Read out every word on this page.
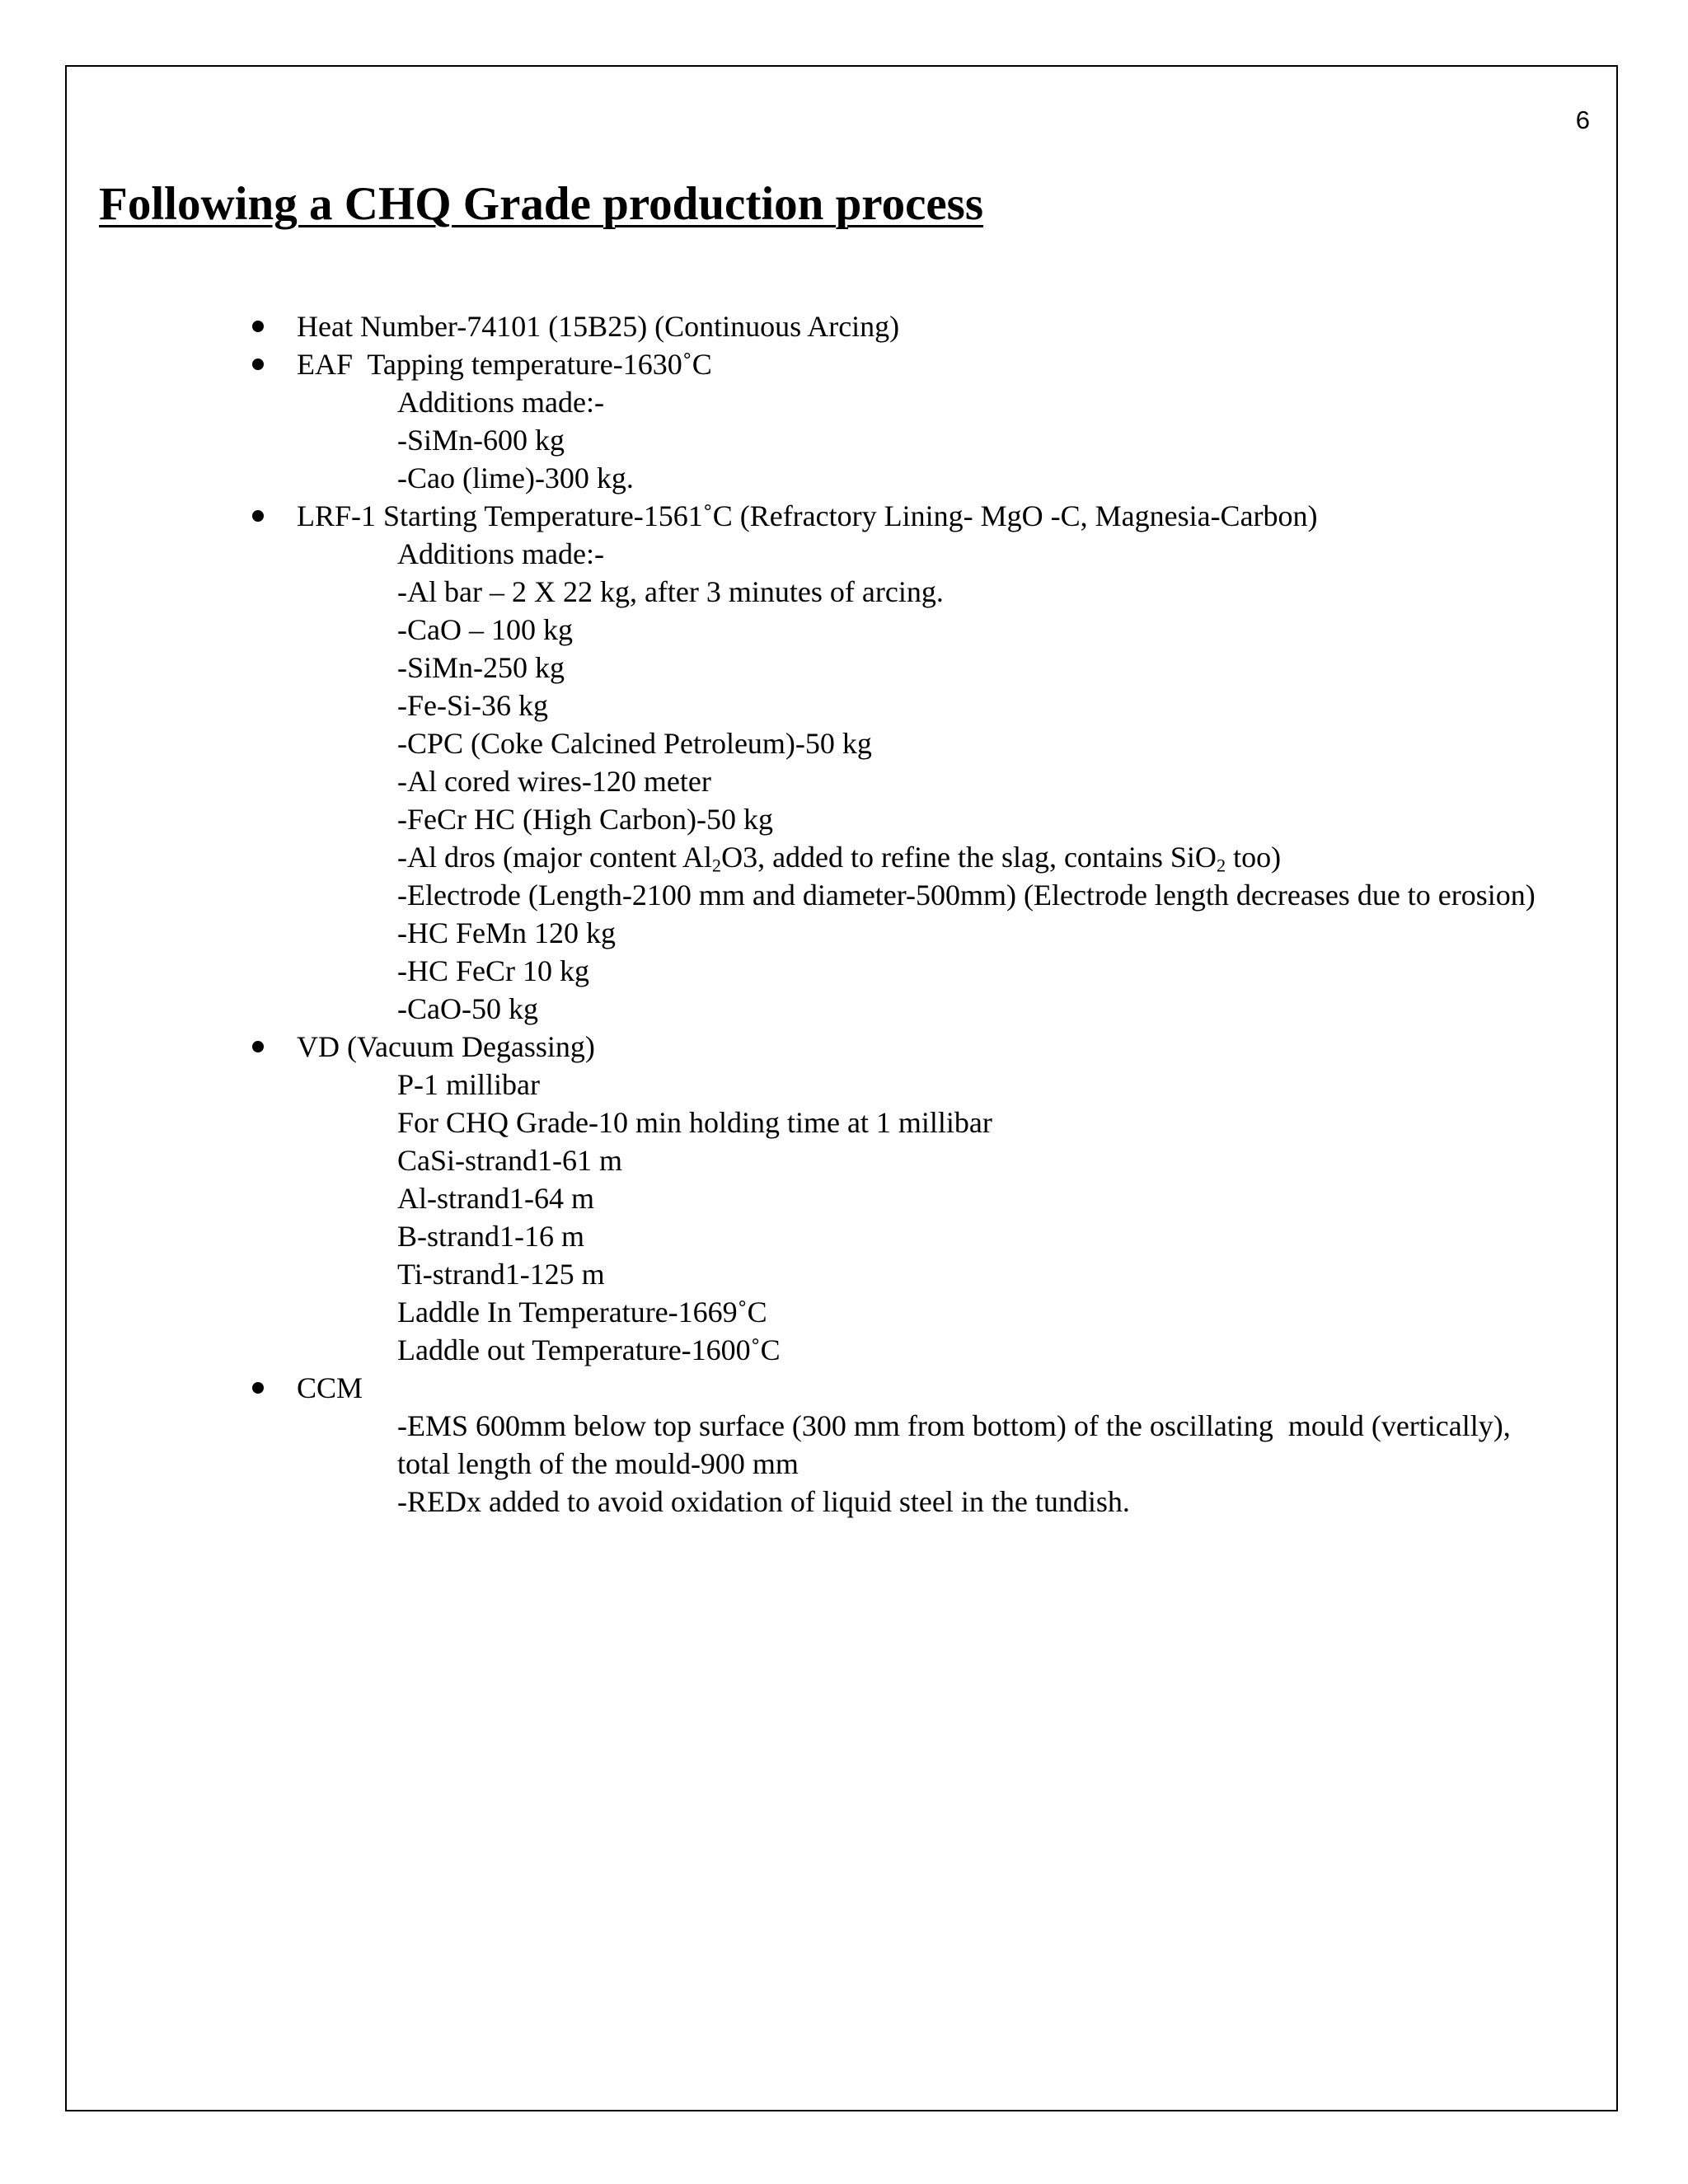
6
Following a CHQ Grade production process
Heat Number-74101 (15B25) (Continuous Arcing)
EAF  Tapping temperature-1630˚C
Additions made:-
-SiMn-600 kg
-Cao (lime)-300 kg.
LRF-1 Starting Temperature-1561˚C (Refractory Lining- MgO -C, Magnesia-Carbon)
Additions made:-
-Al bar – 2 X 22 kg, after 3 minutes of arcing.
-CaO – 100 kg
-SiMn-250 kg
-Fe-Si-36 kg
-CPC (Coke Calcined Petroleum)-50 kg
-Al cored wires-120 meter
-FeCr HC (High Carbon)-50 kg
-Al dros (major content $Al_2O3$, added to refine the slag, contains SiO$_2$ too)
-Electrode (Length-2100 mm and diameter-500mm) (Electrode length decreases due to erosion)
-HC FeMn 120 kg
-HC FeCr 10 kg
-CaO-50 kg
VD (Vacuum Degassing)
P-1 millibar
For CHQ Grade-10 min holding time at 1 millibar
CaSi-strand1-61 m
Al-strand1-64 m
B-strand1-16 m
Ti-strand1-125 m
Laddle In Temperature-1669˚C
Laddle out Temperature-1600˚C
CCM
-EMS 600mm below top surface (300 mm from bottom) of the oscillating  mould (vertically), total length of the mould-900 mm
-REDx added to avoid oxidation of liquid steel in the tundish.
